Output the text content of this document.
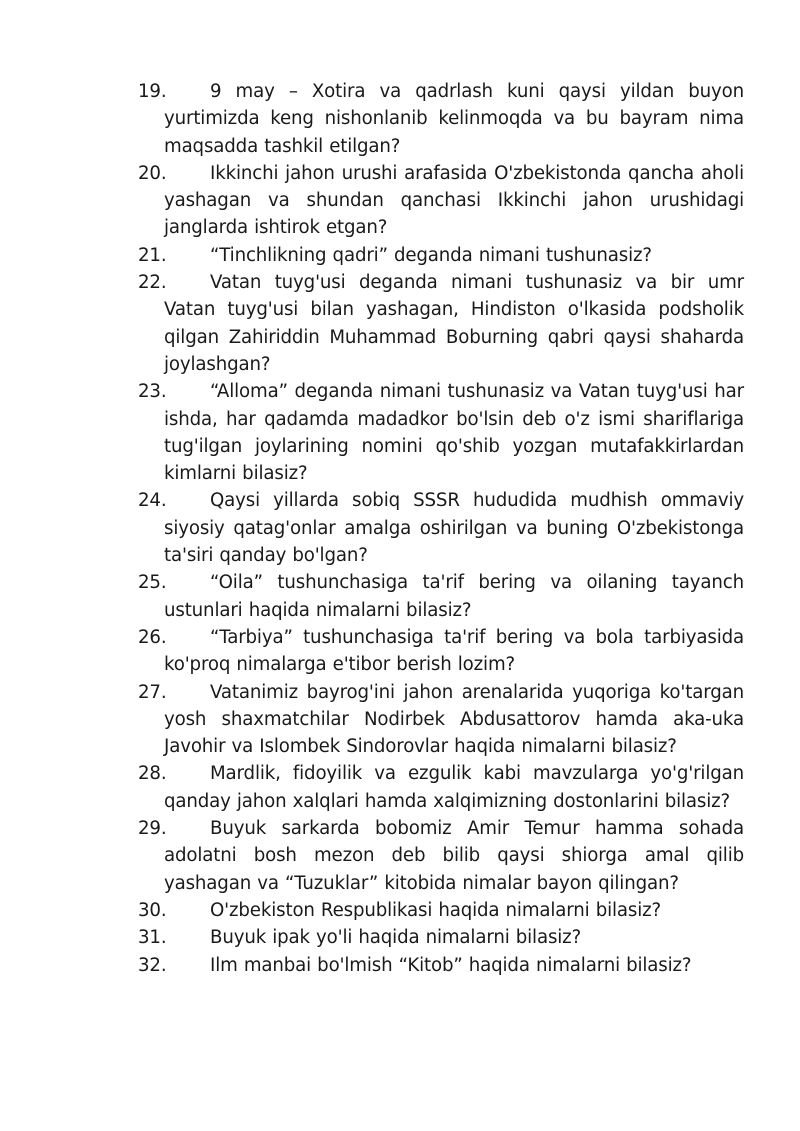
19.	9 may – Xotira va qadrlash kuni qaysi yildan buyon yurtimizda keng nishonlanib kelinmoqda va bu bayram nima maqsadda tashkil etilgan?
20.	Ikkinchi jahon urushi arafasida O'zbekistonda qancha aholi yashagan va shundan qanchasi Ikkinchi jahon urushidagi janglarda ishtirok etgan?
21.	“Tinchlikning qadri” deganda nimani tushunasiz?
22.	Vatan tuyg'usi deganda nimani tushunasiz va bir umr Vatan tuyg'usi bilan yashagan, Hindiston o'lkasida podsholik qilgan Zahiriddin Muhammad Boburning qabri qaysi shaharda joylashgan?
23.	“Alloma” deganda nimani tushunasiz va Vatan tuyg'usi har ishda, har qadamda madadkor bo'lsin deb o'z ismi shariflariga tug'ilgan joylarining nomini qo'shib yozgan mutafakkirlardan kimlarni bilasiz?
24.	Qaysi yillarda sobiq SSSR hududida mudhish ommaviy siyosiy qatag'onlar amalga oshirilgan va buning O'zbekistonga ta'siri qanday bo'lgan?
25.	“Oila” tushunchasiga ta'rif bering va oilaning tayanch ustunlari haqida nimalarni bilasiz?
26.	“Tarbiya” tushunchasiga ta'rif bering va bola tarbiyasida ko'proq nimalarga e'tibor berish lozim?
27.	Vatanimiz bayrog'ini jahon arenalarida yuqoriga ko'targan yosh shaxmatchilar Nodirbek Abdusattorov hamda aka-uka Javohir va Islombek Sindorovlar haqida nimalarni bilasiz?
28.	Mardlik, fidoyilik va ezgulik kabi mavzularga yo'g'rilgan qanday jahon xalqlari hamda xalqimizning dostonlarini bilasiz?
29.	Buyuk sarkarda bobomiz Amir Temur hamma sohada adolatni bosh mezon deb bilib qaysi shiorga amal qilib yashagan va “Tuzuklar” kitobida nimalar bayon qilingan?
30.	O'zbekiston Respublikasi haqida nimalarni bilasiz?
31.	Buyuk ipak yo'li haqida nimalarni bilasiz?
32.	Ilm manbai bo'lmish “Kitob” haqida nimalarni bilasiz?
